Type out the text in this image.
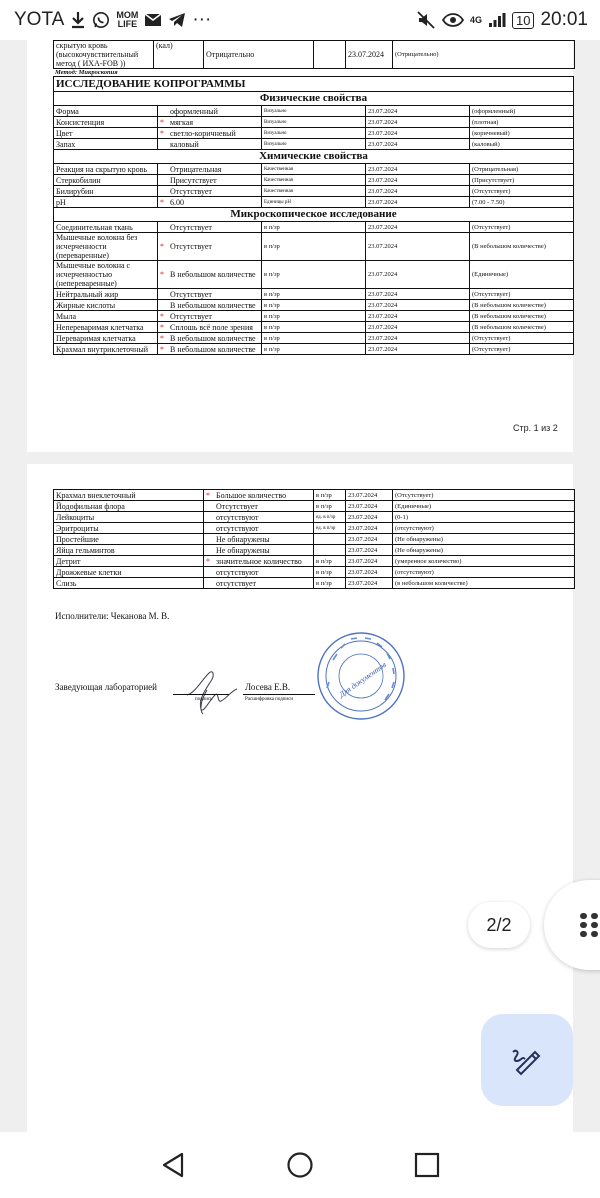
YOTA	MOM
LIFE	···	4G	10 20:01
скрытую кровь (высокочувствительный метод ( ИХА-FOB ))	(кал)	Отрицательно		23.07.2024	(Отрицательно)
Метод: Микроскопия
ИССЛЕДОВАНИЕ КОПРОГРАММЫ				
Физические свойства				
Форма	оформленный	Визуально	23.07.2024	(оформленный)
Консистенция	* мягкая	Визуально	23.07.2024	(плотная)
Цвет	* светло-коричневый	Визуально	23.07.2024	(коричневый)
Запах	каловый	Визуально	23.07.2024	(каловый)
Химические свойства				
Реакция на скрытую кровь	Отрицательная	Качественная	23.07.2024	(Отрицательная)
Стеркобилин	Присутствует	Качественная	23.07.2024	(Присутствует)
Билирубин	Отсутствует	Качественная	23.07.2024	(Отсутствует)
pH	* 6.00	Единицы pH	23.07.2024	(7.00 - 7.50)
Микроскопическое исследование				
Соединительная ткань	Отсутствует	в п/зр	23.07.2024	(Отсутствует)
Мышечные волокна без исчерченности (переваренные)	* Отсутствует	в п/зр	23.07.2024	(В небольшом количестве)
Мышечные волокна с исчерченностью (непереваренные)	* В небольшом количестве	в п/зр	23.07.2024	(Единичные)
Нейтральный жир	Отсутствует	в п/зр	23.07.2024	(Отсутствует)
Жирные кислоты	В небольшом количестве	в п/зр	23.07.2024	(В небольшом количестве)
Мыла	* Отсутствует	в п/зр	23.07.2024	(В небольшом количестве)
Непереваримая клетчатка	* Сплошь всё поле зрения	в п/зр	23.07.2024	(В небольшом количестве)
Переваримая клетчатка	* В небольшом количестве	в п/зр	23.07.2024	(Отсутствует)
Крахмал внутриклеточный	* В небольшом количестве	в п/зр	23.07.2024	(Отсутствует)
Стр. 1 из 2
Крахмал внеклеточный	* Большое количество	в п/зр	23.07.2024	(Отсутствует)
Йодофильная флора	Отсутствует	в п/зр	23.07.2024	(Единичные)
Лейкоциты	отсутствуют	ед. в п/зр	23.07.2024	(0-1)
Эритроциты	отсутствуют	ед. в п/зр	23.07.2024	(отсутствуют)
Простейшие	Не обнаружены		23.07.2024	(Не обнаружены)
Яйца гельминтов	Не обнаружены		23.07.2024	(Не обнаружены)
Детрит	* значительное количество	в п/зр	23.07.2024	(умеренное количество)
Дрожжевые клетки	отсутствуют	в п/зр	23.07.2024	(отсутствуют)
Слизь	отсутствует	в п/зр	23.07.2024	(в небольшом количестве)
Исполнители: Чеканова М. В.
Заведующая лабораторией
подпись
Лосева Е.В.
Расшифровка подписи
Для документов
2/2
